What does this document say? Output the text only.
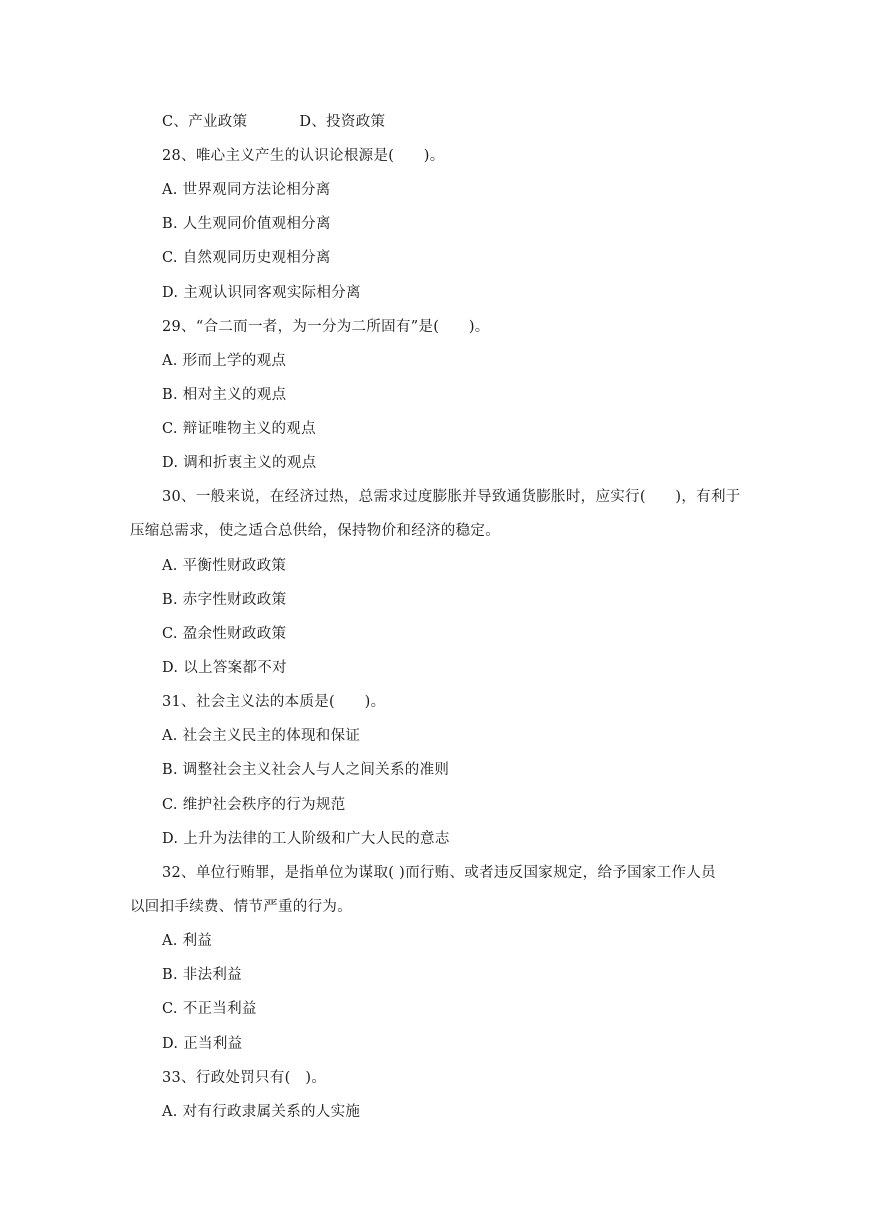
C、产业政策	D、投资政策
28、唯心主义产生的认识论根源是(　　)。
A. 世界观同方法论相分离
B. 人生观同价值观相分离
C. 自然观同历史观相分离
D. 主观认识同客观实际相分离
29、“合二而一者，为一分为二所固有”是(　　)。
A. 形而上学的观点
B. 相对主义的观点
C. 辩证唯物主义的观点
D. 调和折衷主义的观点
30、一般来说，在经济过热，总需求过度膨胀并导致通货膨胀时，应实行(　　)，有利于
压缩总需求，使之适合总供给，保持物价和经济的稳定。
A. 平衡性财政政策
B. 赤字性财政政策
C. 盈余性财政政策
D. 以上答案都不对
31、社会主义法的本质是(　　)。
A. 社会主义民主的体现和保证
B. 调整社会主义社会人与人之间关系的准则
C. 维护社会秩序的行为规范
D. 上升为法律的工人阶级和广大人民的意志
32、单位行贿罪，是指单位为谋取( )而行贿、或者违反国家规定，给予国家工作人员
以回扣手续费、情节严重的行为。
A. 利益
B. 非法利益
C. 不正当利益
D. 正当利益
33、行政处罚只有(　)。
A. 对有行政隶属关系的人实施
